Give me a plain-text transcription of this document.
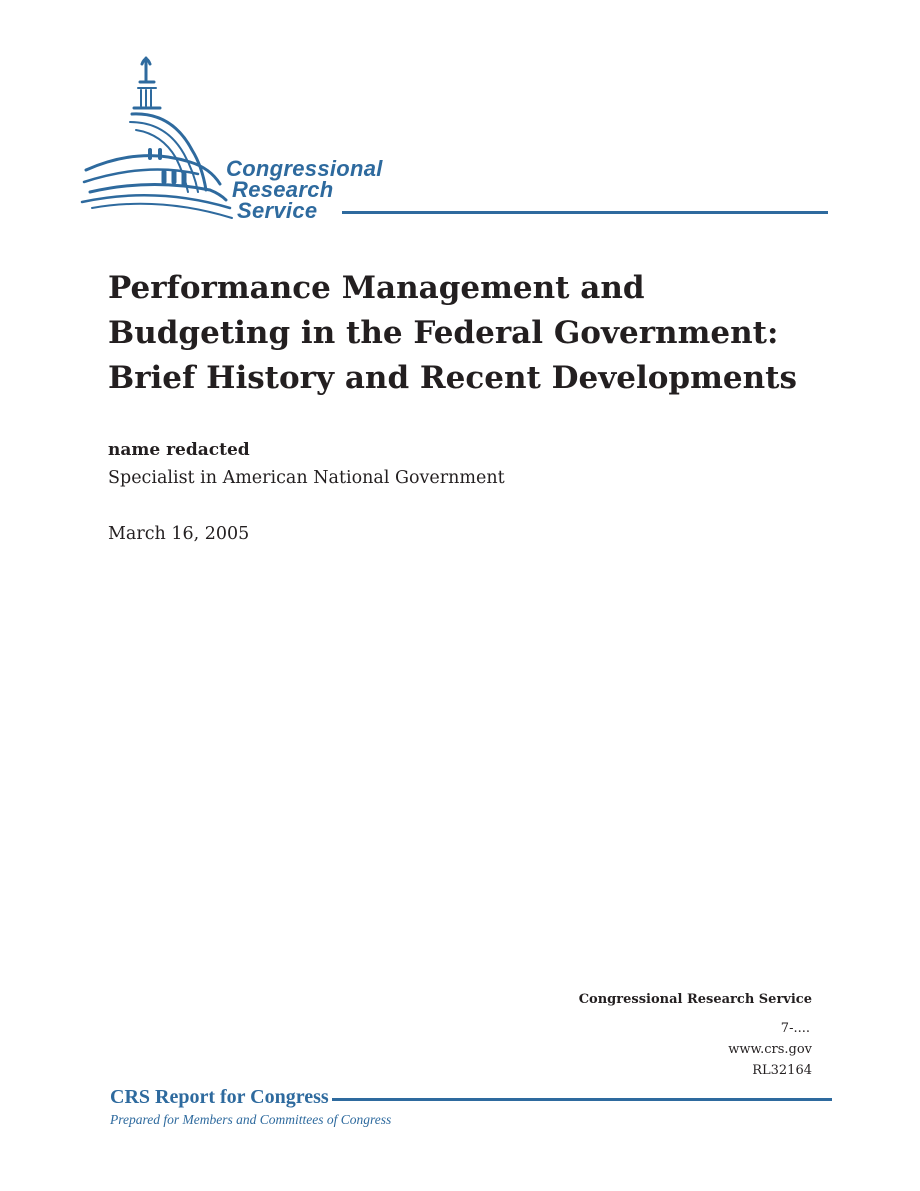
Congressional
Research
Service
Performance Management and Budgeting in the Federal Government: Brief History and Recent Developments
name redacted
Specialist in American National Government
March 16, 2005
Congressional Research Service
7-....
www.crs.gov
RL32164
CRS Report for Congress
Prepared for Members and Committees of Congress
